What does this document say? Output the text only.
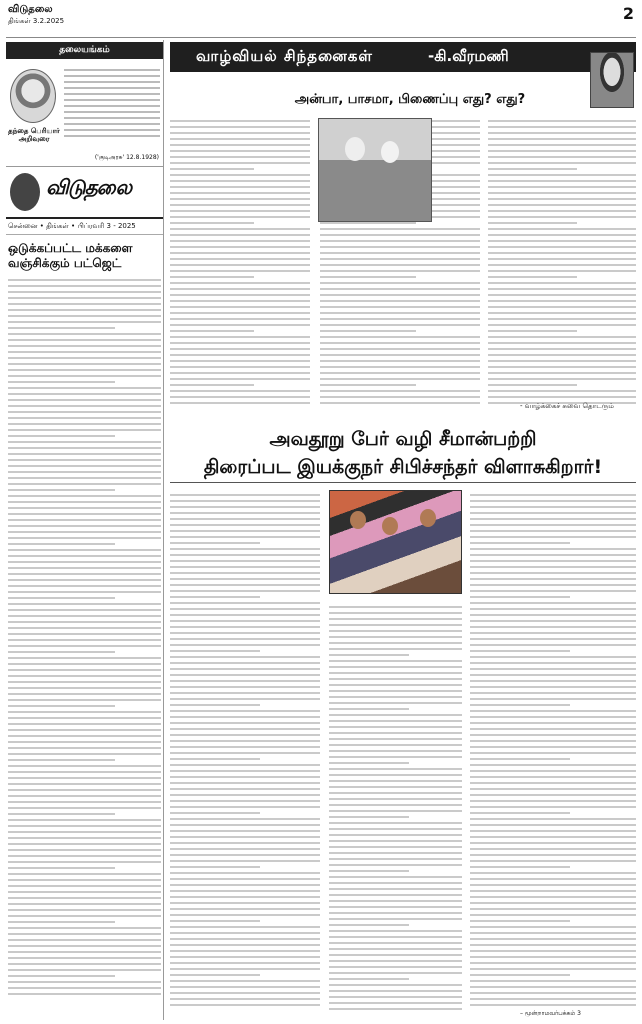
விடுதலை
திங்கள் 3.2.2025	2
தலையங்கம்
தந்தை பெரியார் அறிவுரை
('குடிஅரசு' 12.8.1928)
விடுதலை
சென்னை • திங்கள் • பிப்ரவரி 3 - 2025
ஒடுக்கப்பட்ட மக்களை வஞ்சிக்கும் பட்ஜெட்
வாழ்வியல் சிந்தனைகள்	-கி.வீரமணி
அன்பா, பாசமா, பிணைப்பு எது? எது?
- வாழ்க்கைச் சுவை தொடரும்
அவதூறு பேர் வழி சீமான்பற்றி
திரைப்பட இயக்குநர் சிபிச்சந்தர் விளாசுகிறார்!
– மூன்றாமவர்பக்கம் 3
